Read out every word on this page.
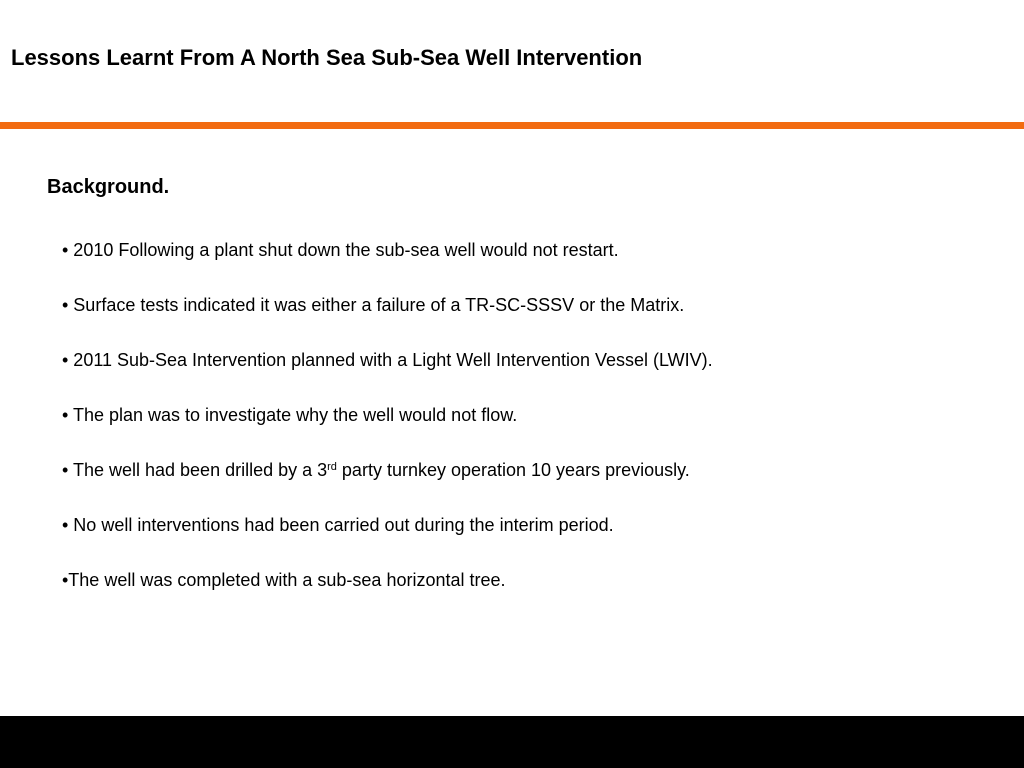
Lessons Learnt From A North Sea Sub-Sea Well Intervention
Background.
• 2010 Following a plant shut down the sub-sea well would not restart.
• Surface tests indicated it was either a failure of a TR-SC-SSSV or the Matrix.
• 2011 Sub-Sea Intervention planned with a Light Well Intervention Vessel (LWIV).
• The plan was to investigate why the well would not flow.
• The well had been drilled by a 3rd party turnkey operation 10 years previously.
• No well interventions had been carried out during the interim period.
•The well was completed with a sub-sea horizontal tree.
